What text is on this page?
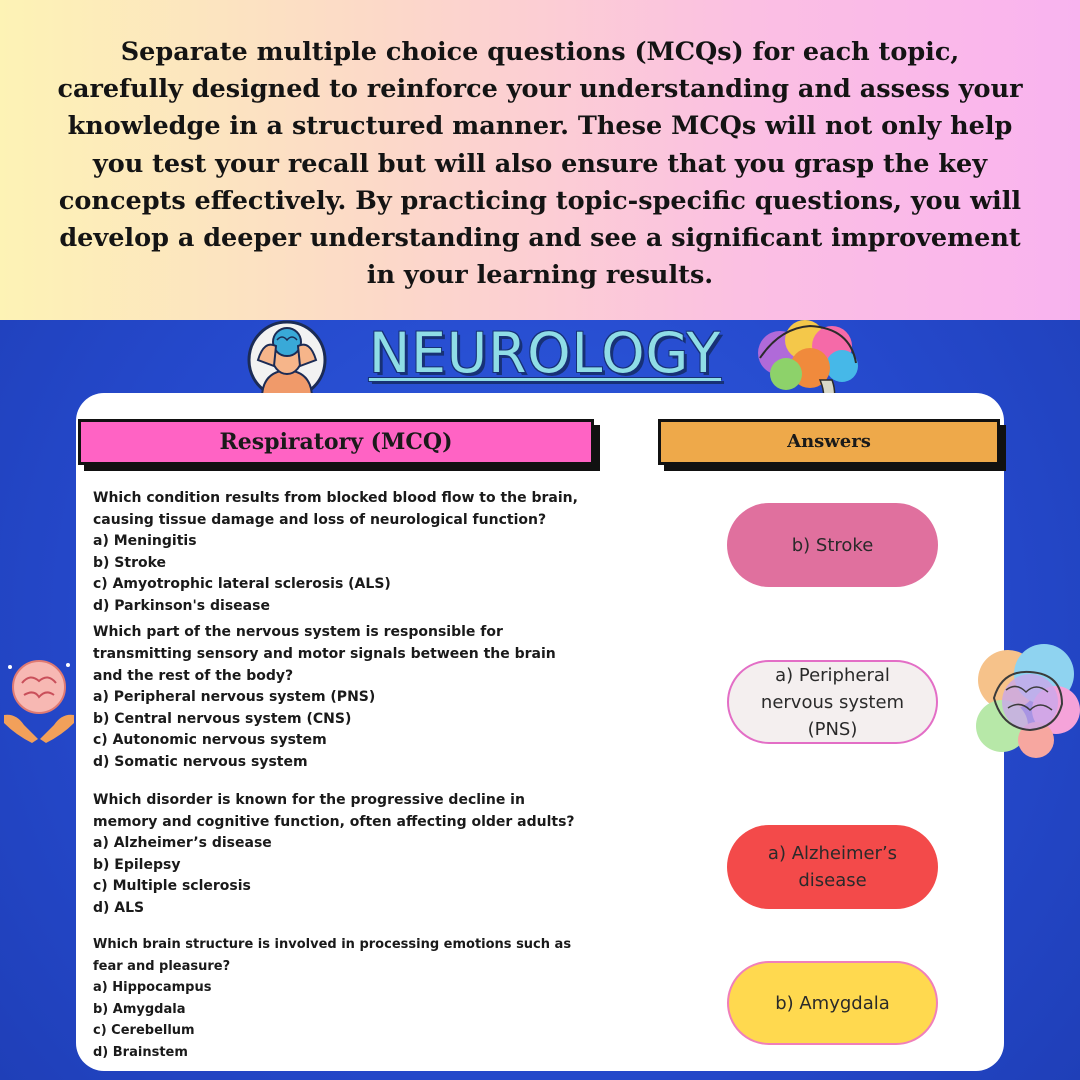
Separate multiple choice questions (MCQs) for each topic, carefully designed to reinforce your understanding and assess your knowledge in a structured manner. These MCQs will not only help you test your recall but will also ensure that you grasp the key concepts effectively. By practicing topic-specific questions, you will develop a deeper understanding and see a significant improvement in your learning results.

NEUROLOGY
Respiratory (MCQ)	Answers
Which condition results from blocked blood flow to the brain, causing tissue damage and loss of neurological function?
a) Meningitis
b) Stroke
c) Amyotrophic lateral sclerosis (ALS)
d) Parkinson's disease
Which part of the nervous system is responsible for transmitting sensory and motor signals between the brain and the rest of the body?
a) Peripheral nervous system (PNS)
b) Central nervous system (CNS)
c) Autonomic nervous system
d) Somatic nervous system
Which disorder is known for the progressive decline in memory and cognitive function, often affecting older adults?
a) Alzheimer’s disease
b) Epilepsy
c) Multiple sclerosis
d) ALS
Which brain structure is involved in processing emotions such as fear and pleasure?
a) Hippocampus
b) Amygdala
c) Cerebellum
d) Brainstem
b) Stroke
a) Peripheral nervous system (PNS)
a) Alzheimer’s disease
b) Amygdala
